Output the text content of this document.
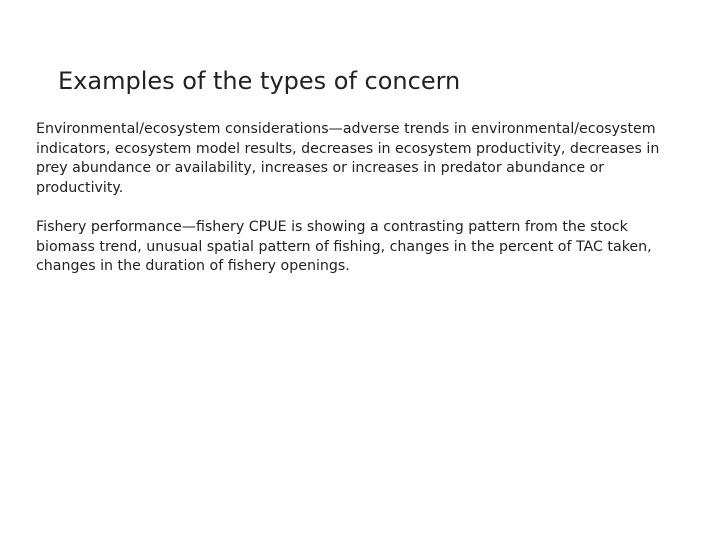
Examples of the types of concern

Environmental/ecosystem considerations—adverse trends in environmental/ecosystem indicators, ecosystem model results, decreases in ecosystem productivity, decreases in prey abundance or availability, increases or increases in predator abundance or productivity.

Fishery performance—fishery CPUE is showing a contrasting pattern from the stock biomass trend, unusual spatial pattern of fishing, changes in the percent of TAC taken, changes in the duration of fishery openings.
